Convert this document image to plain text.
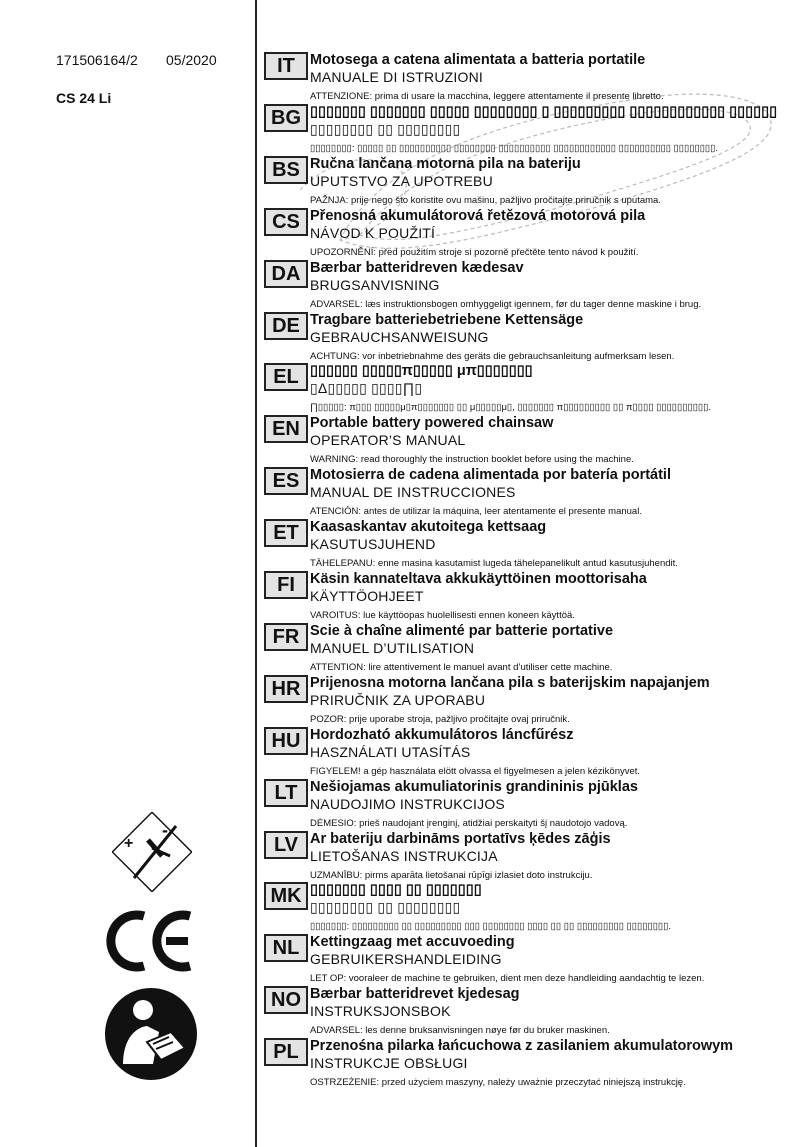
171506164/2 05/2020
CS 24 Li
+
-
IT	Motosega a catena alimentata a batteria portatile
MANUALE DI ISTRUZIONI
ATTENZIONE: prima di usare la macchina, leggere attentamente il presente libretto.
BG ▯▯▯▯▯▯▯ ▯▯▯▯▯▯▯ ▯▯▯▯▯ ▯▯▯▯▯▯▯▯ ▯ ▯▯▯▯▯▯▯▯▯ ▯▯▯▯▯▯▯▯▯▯▯▯ ▯▯▯▯▯▯
▯▯▯▯▯▯▯▯ ▯▯ ▯▯▯▯▯▯▯▯
▯▯▯▯▯▯▯▯: ▯▯▯▯▯ ▯▯ ▯▯▯▯▯▯▯▯▯▯ ▯▯▯▯▯▯▯▯ ▯▯▯▯▯▯▯▯▯▯ ▯▯▯▯▯▯▯▯▯▯▯▯ ▯▯▯▯▯▯▯▯▯▯ ▯▯▯▯▯▯▯▯.
BS Ručna lančana motorna pila na bateriju
UPUTSTVO ZA UPOTREBU
PAŽNJA: prije nego što koristite ovu mašinu, pažljivo pročitajte priručnik s uputama.
CS Přenosná akumulátorová řetězová motorová pila
NÁVOD K POUŽITÍ
UPOZORNĚNÍ: před použitím stroje si pozorně přečtěte tento návod k použití.
DA Bærbar batteridreven kædesav
BRUGSANVISNING
ADVARSEL: læs instruktionsbogen omhyggeligt igennem, før du tager denne maskine i brug.
DE Tragbare batteriebetriebene Kettensäge
GEBRAUCHSANWEISUNG
ACHTUNG: vor inbetriebnahme des geräts die gebrauchsanleitung aufmerksam lesen.
EL ▯▯▯▯▯▯ ▯▯▯▯▯π▯▯▯▯▯ μπ▯▯▯▯▯▯▯
▯Δ▯▯▯▯▯ ▯▯▯▯∏▯
∏▯▯▯▯▯: π▯▯▯ ▯▯▯▯▯μ▯π▯▯▯▯▯▯▯ ▯▯ μ▯▯▯▯▯μ▯, ▯▯▯▯▯▯▯ π▯▯▯▯▯▯▯▯▯ ▯▯ π▯▯▯▯ ▯▯▯▯▯▯▯▯▯▯.
EN Portable battery powered chainsaw
OPERATOR’S MANUAL
WARNING: read thoroughly the instruction booklet before using the machine.
ES Motosierra de cadena alimentada por batería portátil
MANUAL DE INSTRUCCIONES
ATENCIÓN: antes de utilizar la máquina, leer atentamente el presente manual.
ET Kaasaskantav akutoitega kettsaag
KASUTUSJUHEND
TÄHELEPANU: enne masina kasutamist lugeda tähelepanelikult antud kasutusjuhendit.
FI	Käsin kannateltava akkukäyttöinen moottorisaha
KÄYTTÖOHJEET
VAROITUS: lue käyttöopas huolellisesti ennen koneen käyttöä.
FR Scie à chaîne alimenté par batterie portative
MANUEL D’UTILISATION
ATTENTION: lire attentivement le manuel avant d’utiliser cette machine.
HR Prijenosna motorna lančana pila s baterijskim napajanjem
PRIRUČNIK ZA UPORABU
POZOR: prije uporabe stroja, pažljivo pročitajte ovaj priručnik.
HU Hordozható akkumulátoros láncfűrész
HASZNÁLATI UTASÍTÁS
FIGYELEM! a gép használata elött olvassa el figyelmesen a jelen kézikönyvet.
LT Nešiojamas akumuliatorinis grandininis pjūklas
NAUDOJIMO INSTRUKCIJOS
DĖMESIO: prieš naudojant įrenginį, atidžiai perskaityti šį naudotojo vadovą.
LV Ar bateriju darbināms portatīvs ķēdes zāģis
LIETOŠANAS INSTRUKCIJA
UZMANĪBU: pirms aparāta lietošanai rūpīgi izlasiet doto instrukciju.
MK ▯▯▯▯▯▯▯ ▯▯▯▯ ▯▯ ▯▯▯▯▯▯▯
▯▯▯▯▯▯▯▯ ▯▯ ▯▯▯▯▯▯▯▯
▯▯▯▯▯▯▯: ▯▯▯▯▯▯▯▯▯ ▯▯ ▯▯▯▯▯▯▯▯▯ ▯▯▯ ▯▯▯▯▯▯▯▯ ▯▯▯▯ ▯▯ ▯▯ ▯▯▯▯▯▯▯▯▯ ▯▯▯▯▯▯▯▯.
NL Kettingzaag met accuvoeding
GEBRUIKERSHANDLEIDING
LET OP: vooraleer de machine te gebruiken, dient men deze handleiding aandachtig te lezen.
NO Bærbar batteridrevet kjedesag
INSTRUKSJONSBOK
ADVARSEL: les denne bruksanvisningen nøye før du bruker maskinen.
PL Przenośna pilarka łańcuchowa z zasilaniem akumulatorowym
INSTRUKCJE OBSŁUGI
OSTRZEŻENIE: przed użyciem maszyny, należy uważnie przeczytać niniejszą instrukcję.
